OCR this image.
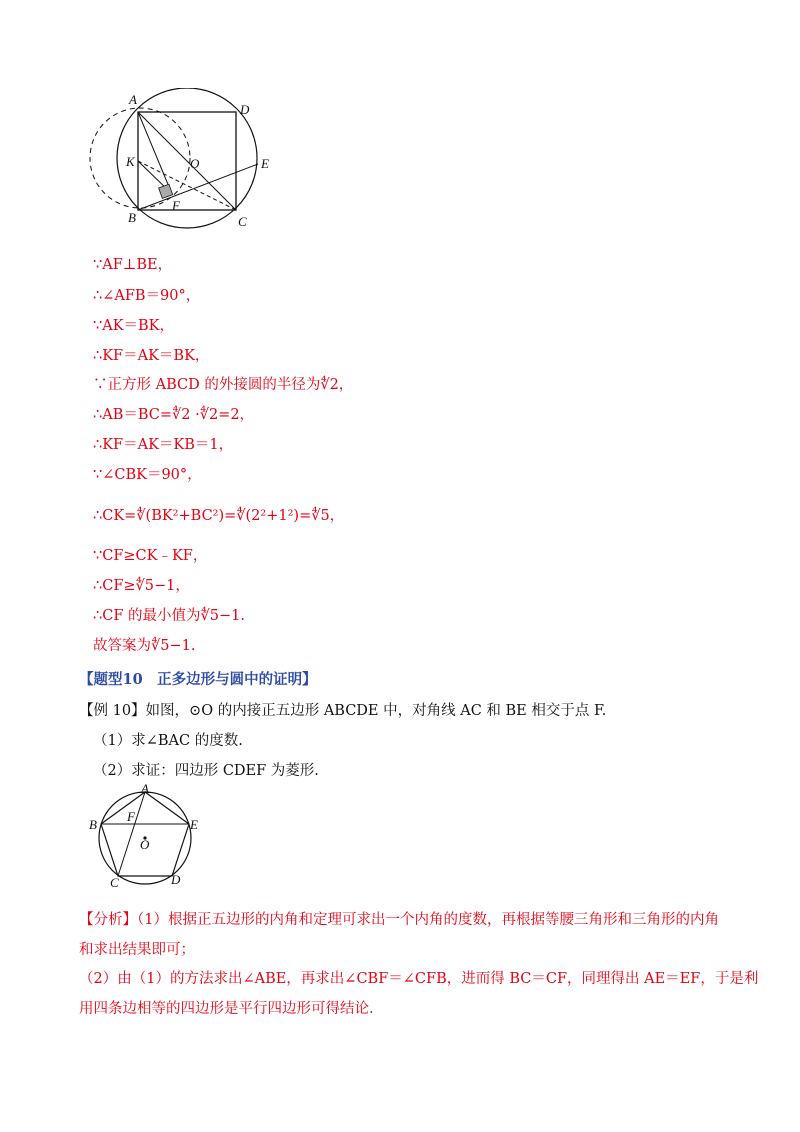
A
D
K	O	E
F
B	C
∵AF⊥BE，
∴∠AFB＝90°，
∵AK＝BK，
∴KF＝AK＝BK，
∵正方形 ABCD 的外接圆的半径为∜2，
∴AB＝BC=∜2 ·∜2=2，
∴KF＝AK＝KB＝1，
∵∠CBK＝90°，
∴CK=∜(BK²+BC²)=∜(2²+1²)=∜5，
∵CF≥CK﹣KF，
∴CF≥∜5−1，
∴CF 的最小值为∜5−1.
故答案为∜5−1.
【题型10　正多边形与圆中的证明】
【例 10】如图，⊙O 的内接正五边形 ABCDE 中，对角线 AC 和 BE 相交于点 F.
（1）求∠BAC 的度数.
（2）求证：四边形 CDEF 为菱形.
A
B	E
F
O
C	D
【分析】（1）根据正五边形的内角和定理可求出一个内角的度数，再根据等腰三角形和三角形的内角
和求出结果即可；
（2）由（1）的方法求出∠ABE，再求出∠CBF＝∠CFB，进而得 BC＝CF，同理得出 AE＝EF，于是利
用四条边相等的四边形是平行四边形可得结论.
